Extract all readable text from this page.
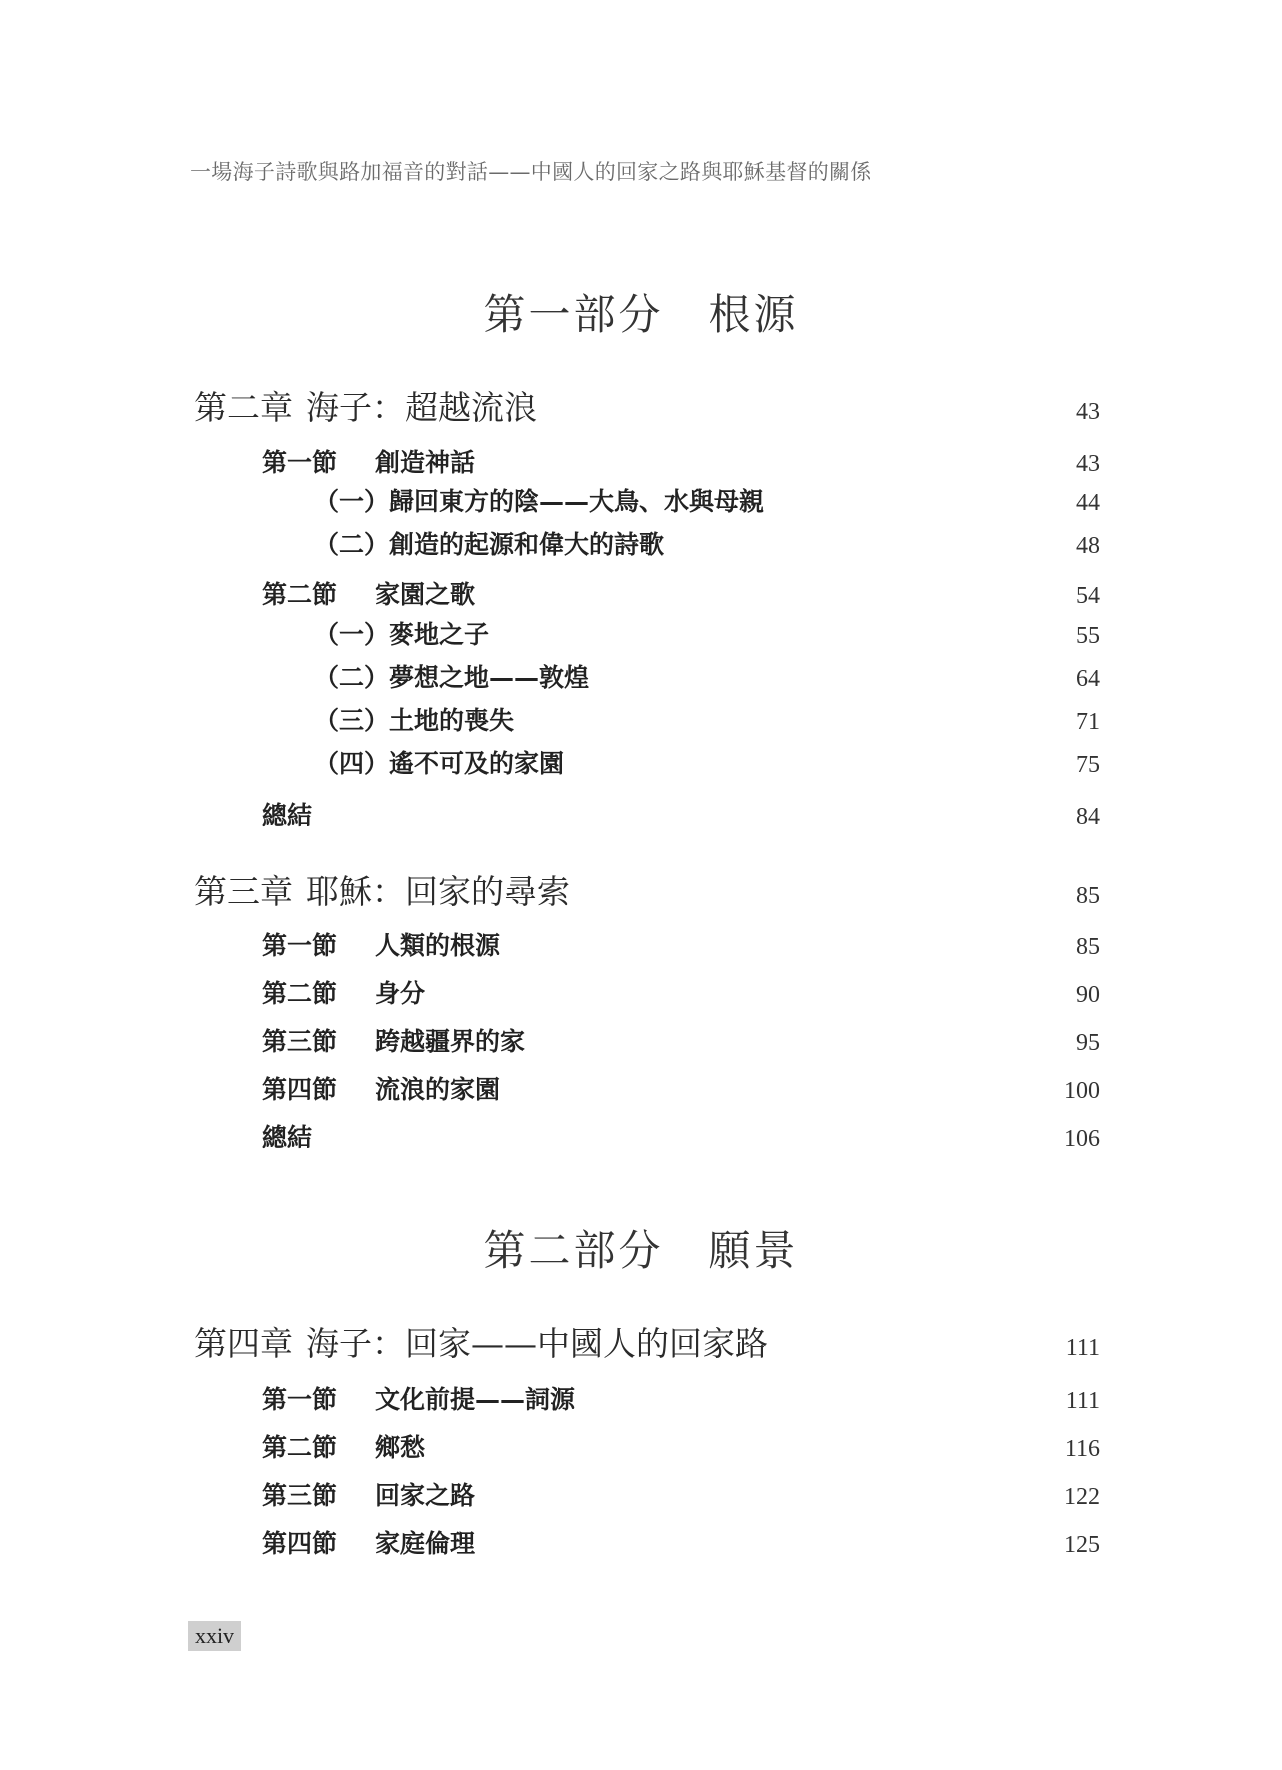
一場海子詩歌與路加福音的對話——中國人的回家之路與耶穌基督的關係
第一部分　根源
第二章 海子：超越流浪	43
第一節	創造神話	43
（一）歸回東方的陰——大鳥、水與母親	44
（二）創造的起源和偉大的詩歌	48
第二節	家園之歌	54
（一）麥地之子	55
（二）夢想之地——敦煌	64
（三）土地的喪失	71
（四）遙不可及的家園	75
總結	84
第三章 耶穌：回家的尋索	85
第一節	人類的根源	85
第二節	身分	90
第三節	跨越疆界的家	95
第四節	流浪的家園	100
總結	106
第二部分　願景
第四章 海子：回家——中國人的回家路	111
第一節	文化前提——詞源	111
第二節	鄉愁	116
第三節	回家之路	122
第四節	家庭倫理	125
xxiv
